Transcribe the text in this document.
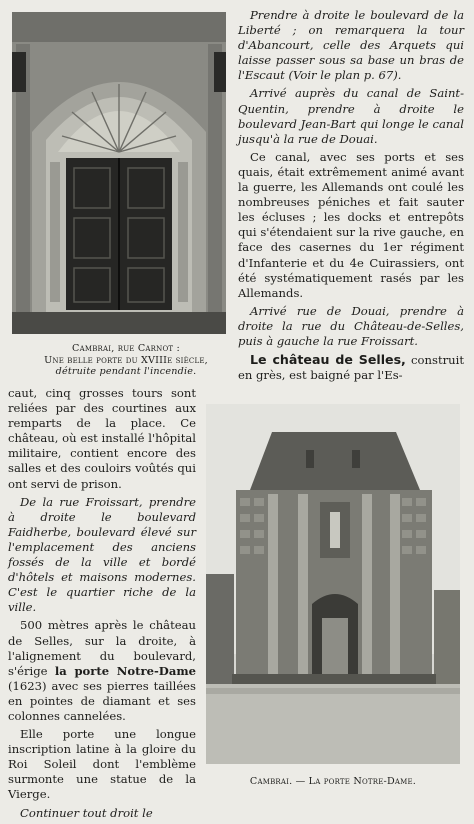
Cambrai, rue Carnot :
Une belle porte du XVIIIe siècle,
détruite pendant l'incendie.

Prendre à droite le boulevard de la Liberté ; on remarquera la tour d'Abancourt, celle des Arquets qui laisse passer sous sa base un bras de l'Escaut (Voir le plan p. 67).

Arrivé auprès du canal de Saint-Quentin, prendre à droite le boulevard Jean-Bart qui longe le canal jusqu'à la rue de Douai.

Ce canal, avec ses ports et ses quais, était extrêmement animé avant la guerre, les Allemands ont coulé les nombreuses péniches et fait sauter les écluses ; les docks et entrepôts qui s'étendaient sur la rive gauche, en face des casernes du 1er régiment d'Infanterie et du 4e Cuirassiers, ont été systématiquement rasés par les Allemands.

Arrivé rue de Douai, prendre à droite la rue du Château-de-Selles, puis à gauche la rue Froissart.

Le château de Selles, construit en grès, est baigné par l'Es-

caut, cinq grosses tours sont reliées par des courtines aux remparts de la place. Ce château, où est installé l'hôpital militaire, contient encore des salles et des couloirs voûtés qui ont servi de prison.

De la rue Froissart, prendre à droite le boulevard Faidherbe, boulevard élevé sur l'emplacement des anciens fossés de la ville et bordé d'hôtels et maisons modernes. C'est le quartier riche de la ville.

500 mètres après le château de Selles, sur la droite, à l'alignement du boulevard, s'érige la porte Notre-Dame (1623) avec ses pierres taillées en pointes de diamant et ses colonnes cannelées.

Elle porte une longue inscription latine à la gloire du Roi Soleil dont l'emblème surmonte une statue de la Vierge.

Continuer tout droit le

Cambrai. — La porte Notre-Dame.
